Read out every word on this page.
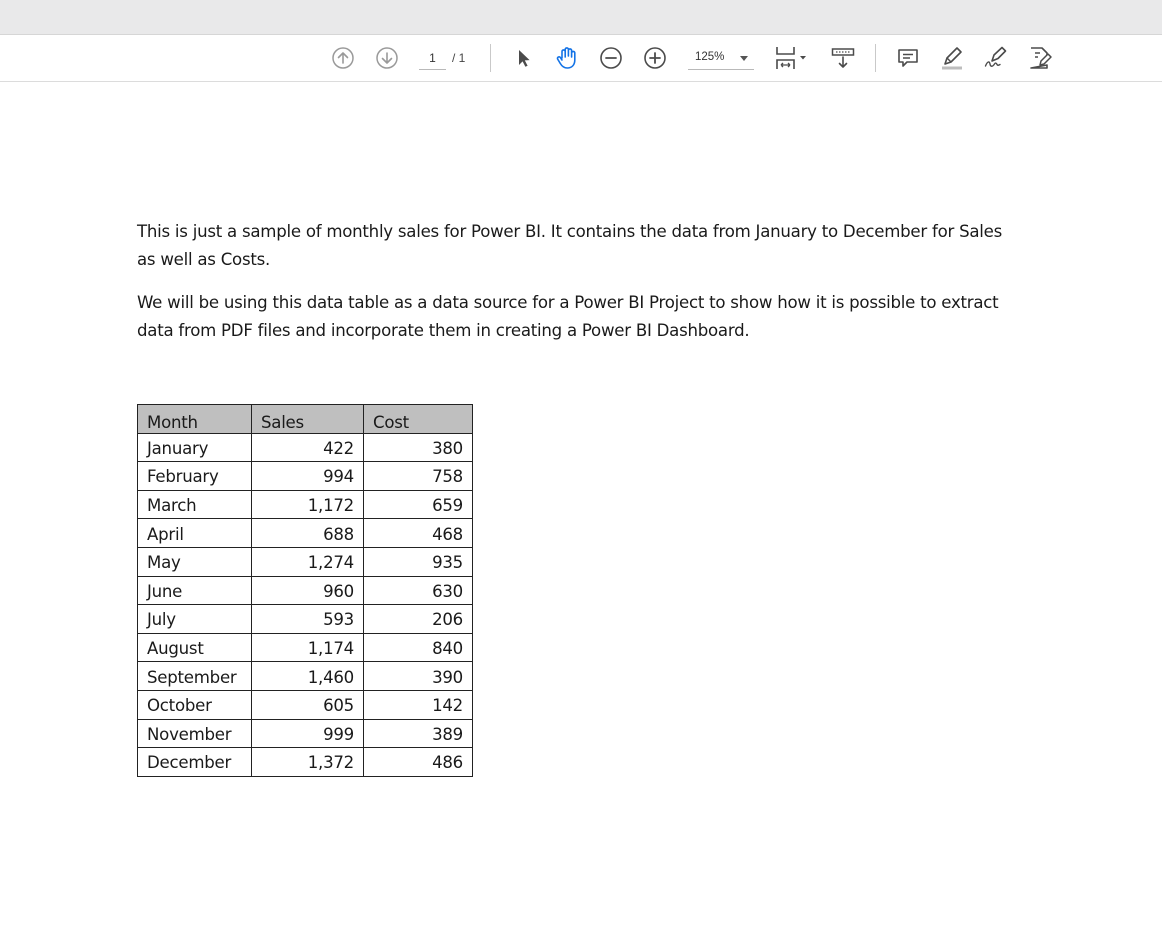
1
/ 1	125%

This is just a sample of monthly sales for Power BI. It contains the data from January to December for Sales as well as Costs.

We will be using this data table as a data source for a Power BI Project to show how it is possible to extract data from PDF files and incorporate them in creating a Power BI Dashboard.

Month	Sales	Cost
January	422	380
February	994	758
March	1,172	659
April	688	468
May	1,274	935
June	960	630
July	593	206
August	1,174	840
September	1,460	390
October	605	142
November	999	389
December	1,372	486
